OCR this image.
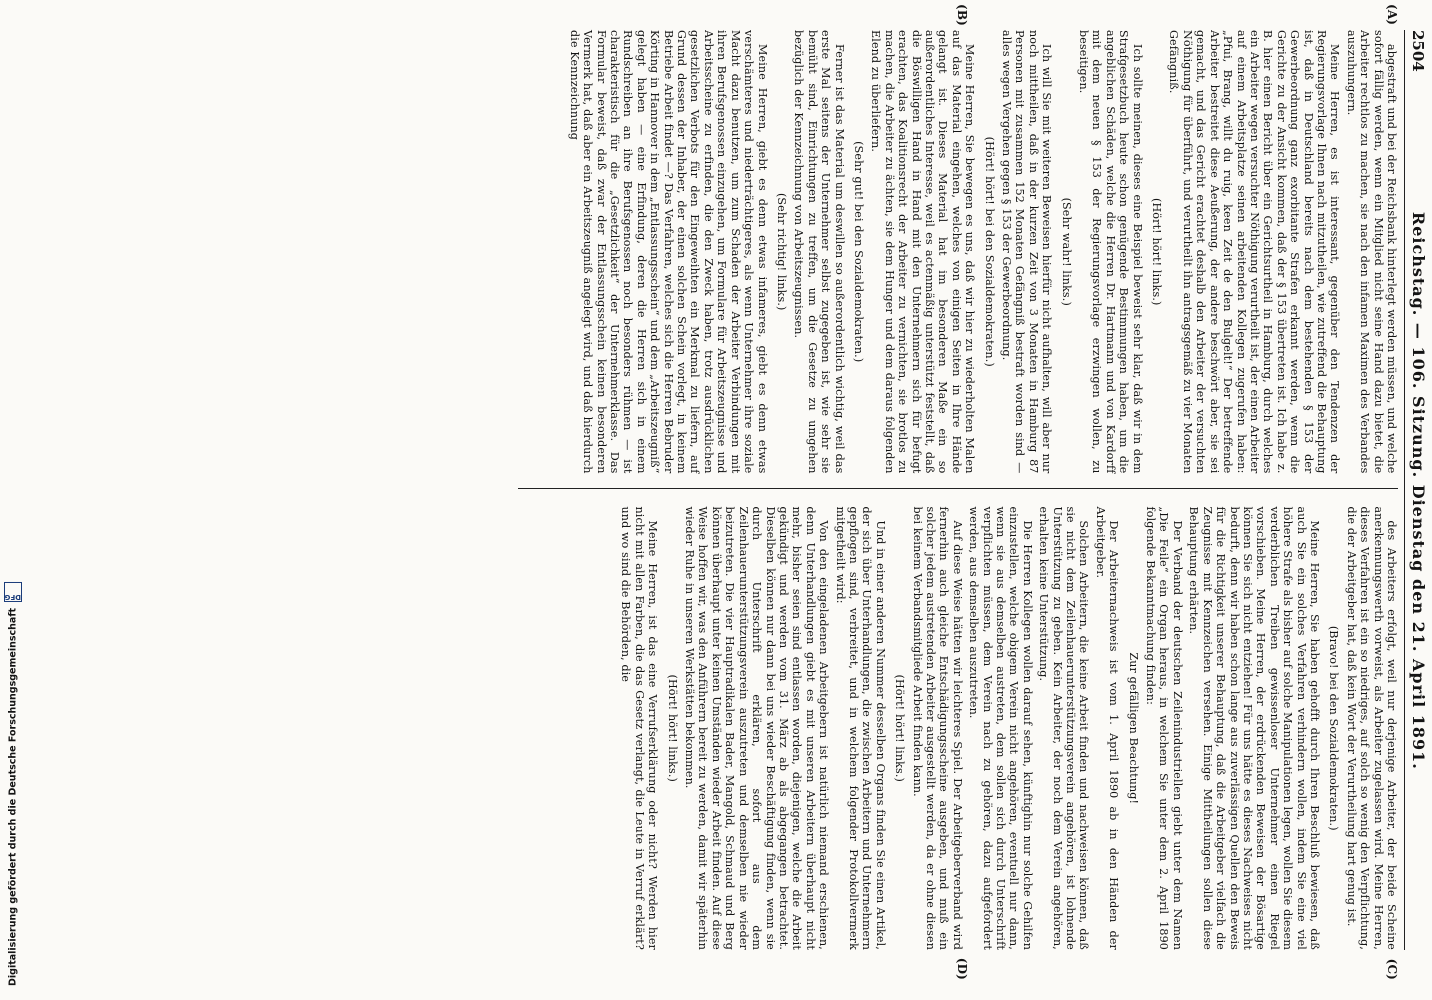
2504
Reichstag. — 106. Sitzung. Dienstag den 21. April 1891.
(A)
(B)

abgestraft und bei der Reichsbank hinterlegt werden müssen, und welche sofort fällig werden, wenn ein Mitglied nicht seine Hand dazu bietet, die Arbeiter rechtlos zu machen, sie nach den infamen Maximen des Verbandes auszuhungern.

Meine Herren, es ist interessant, gegenüber den Tendenzen der Regierungsvorlage Ihnen nach mitzutheilen, wie zutreffend die Behauptung ist, daß in Deutschland bereits nach dem bestehenden § 153 der Gewerbeordnung ganz exorbitante Strafen erkannt werden, wenn die Gerichte zu der Ansicht kommen, daß der § 153 übertreten ist. Ich habe z. B. hier einen Bericht über ein Gerichtsurtheil in Hamburg, durch welches ein Arbeiter wegen versuchter Nöthigung verurtheilt ist, der einen Arbeiter auf einem Arbeitsplatze seinen arbeitenden Kollegen zugerufen haben: „Pfui, Brang, willt du ruig, keen Zeit de den Bulgelt!“ Der betreffende Arbeiter bestreitet diese Aeußerung, der andere beschwört aber, sie sei gemacht, und das Gericht erachtet deshalb den Arbeiter der versuchten Nöthigung für überführt, und verurtheilt ihn antragsgemäß zu vier Monaten Gefängniß.

(Hört! hört! links.)

Ich sollte meinen, dieses eine Beispiel beweist sehr klar, daß wir in dem Strafgesetzbuch heute schon genügende Bestimmungen haben, um die angeblichen Schäden, welche die Herren Dr. Hartmann und von Kardorff mit dem neuen § 153 der Regierungsvorlage erzwingen wollen, zu beseitigen.

(Sehr wahr! links.)

Ich will Sie mit weiteren Beweisen hierfür nicht aufhalten, will aber nur noch mittheilen, daß in der kurzen Zeit von 3 Monaten in Hamburg 87 Personen mit zusammen 152 Monaten Gefängniß bestraft worden sind — alles wegen Vergehen gegen § 153 der Gewerbeordnung.

(Hört! hört! bei den Sozialdemokraten.)

Meine Herren, Sie bewegen es uns, daß wir hier zu wiederholten Malen auf das Material eingehen, welches von einigen Seiten in Ihre Hände gelangt ist. Dieses Material hat im besonderen Maße ein so außerordentliches Interesse, weil es actenmäßig unterstützt feststellt, daß die Böswilligen Hand in Hand mit den Unternehmern sich für befugt erachten, das Koalitionsrecht der Arbeiter zu vernichten, sie brotlos zu machen, die Arbeiter zu ächten, sie dem Hunger und dem daraus folgenden Elend zu überliefern.

(Sehr gut! bei den Sozialdemokraten.)

Ferner ist das Material um deswillen so außerordentlich wichtig, weil das erste Mal seitens der Unternehmer selbst zugegeben ist, wie sehr sie bemüht sind, Einrichtungen zu treffen, um die Gesetze zu umgehen bezüglich der Kennzeichnung von Arbeitszeugnissen.

(Sehr richtig! links.)

Meine Herren, giebt es denn etwas infameres, giebt es denn etwas verschämteres und niederträchtigeres, als wenn Unternehmer ihre soziale Macht dazu benutzen, um zum Schaden der Arbeiter Verbindungen mit ihren Berufsgenossen einzugehen, um Formulare für Arbeitszeugnisse und Arbeitsscheine zu erfinden, die den Zweck haben, trotz ausdrücklichen gesetzlichen Verbots für den Eingeweihten ein Merkmal zu liefern, auf Grund dessen der Inhaber, der einen solchen Schein vorlegt, in keinem Betriebe Arbeit findet —? Das Verfahren, welches sich die Herren Bebruder Körting in Hannover in dem „Entlassungsschein“ und dem „Arbeitszeugniß“ gelegt haben — eine Erfindung, deren die Herren sich in einem Rundschreiben an ihre Berufsgenossen noch besonders rühmen — ist charakteristisch für die „Gesetzlichkeit“ der Unternehmerklasse. Das Formular beweist, daß zwar der Entlassungsschein keinen besonderen Vermerk hat, daß aber ein Arbeitszeugniß angelegt wird, und daß hierdurch die Kennzeichnung

(C)
(D)

des Arbeiters erfolgt, weil nur derjenige Arbeiter, der beide Scheine anerkennungswerth vorweist, als Arbeiter zugelassen wird. Meine Herren, dieses Verfahren ist ein so niedriges, auf solch so wenig den Verpflichtung, die der Arbeitgeber hat, daß kein Wort der Verurtheilung hart genug ist.

(Bravo! bei den Sozialdemokraten.)

Meine Herren, Sie haben gehofft durch Ihren Beschluß bewiesen, daß auch Sie ein solches Verfahren verhindern wollen, indem Sie eine viel höhere Strafe als bisher auf solche Manipulationen legen, wollen Sie diesem verderblichen Treiben gewissenloser Unternehmer einen Riegel vorschieben. Meine Herren, der erdrückenden Beweisen der Bösartige können Sie sich nicht entziehen! Für uns hätte es dieses Nachweises nicht bedurft, denn wir haben schon lange aus zuverlässigen Quellen den Beweis für die Richtigkeit unserer Behauptung, daß die Arbeitgeber vielfach die Zeugnisse mit Kennzeichen versehen. Einige Mittheilungen sollen diese Behauptung erhärten.

Der Verband der deutschen Zeilenindustriellen giebt unter dem Namen „Die Feile“ ein Organ heraus, in welchem Sie unter dem 2. April 1890 folgende Bekanntmachung finden:

Zur gefälligen Beachtung!

Der Arbeiternachweis ist vom 1. April 1890 ab in den Händen der Arbeitgeber.

Solchen Arbeitern, die keine Arbeit finden und nachweisen können, daß sie nicht dem Zeilenhauerunterstützungsverein angehören, ist lohnende Unterstützung zu geben. Kein Arbeiter, der noch dem Verein angehören, erhalten keine Unterstützung.

Die Herren Kollegen wollen darauf sehen, künftighin nur solche Gehilfen einzustellen, welche obigem Verein nicht angehören, eventuell nur dann, wenn sie aus demselben austreten, dem sollen sich durch Unterschrift verpflichten müssen, dem Verein nach zu gehören, dazu aufgefordert werden, aus demselben auszutreten.

Auf diese Weise hätten wir leichteres Spiel. Der Arbeitgeberverband wird fernerhin auch gleiche Entschädigungsscheine ausgeben, und muß ein solcher jedem austretenden Arbeiter ausgestellt werden, da er ohne diesen bei keinem Verbandsmitgliede Arbeit finden kann.

(Hört! hört! links.)

Und in einer anderen Nummer desselben Organs finden Sie einen Artikel, der sich über Unterhandlungen, die zwischen Arbeitern und Unternehmern gepflogen sind, verbreitet, und in welchem folgender Protokollvermerk mitgetheilt wird:

Von den eingeladenen Arbeitgebern ist natürlich niemand erschienen, denn Unterhandlungen giebt es mit unseren Arbeitern überhaupt nicht mehr, bisher seien sind entlassen worden, diejenigen, welche die Arbeit gekündigt und werden vom 31. März ab als abgegangen betrachtet. Dieselben können nur dann bei uns wieder Beschäftigung finden, wenn sie durch Unterschrift erklären, sofort aus dem Zeilenhauerunterstützungsverein auszutreten und demselben nie wieder beizutreten. Die vier Hauptradikalen Bader, Mangold, Schmaud und Berg können überhaupt unter keinen Umständen wieder Arbeit finden. Auf diese Weise hoffen wir, was den Anführern bereit zu werden, damit wir späterhin wieder Ruhe in unseren Werkstätten bekommen.

(Hört! hört! links.)

Meine Herren, ist das eine Verrufserklärung oder nicht? Werden hier nicht mit allen Farben, die das Gesetz verlangt, die Leute in Verruf erklärt? und wo sind die Behörden, die

Digitalisierung gefördert durch die Deutsche Forschungsgemeinschaft
DFG
